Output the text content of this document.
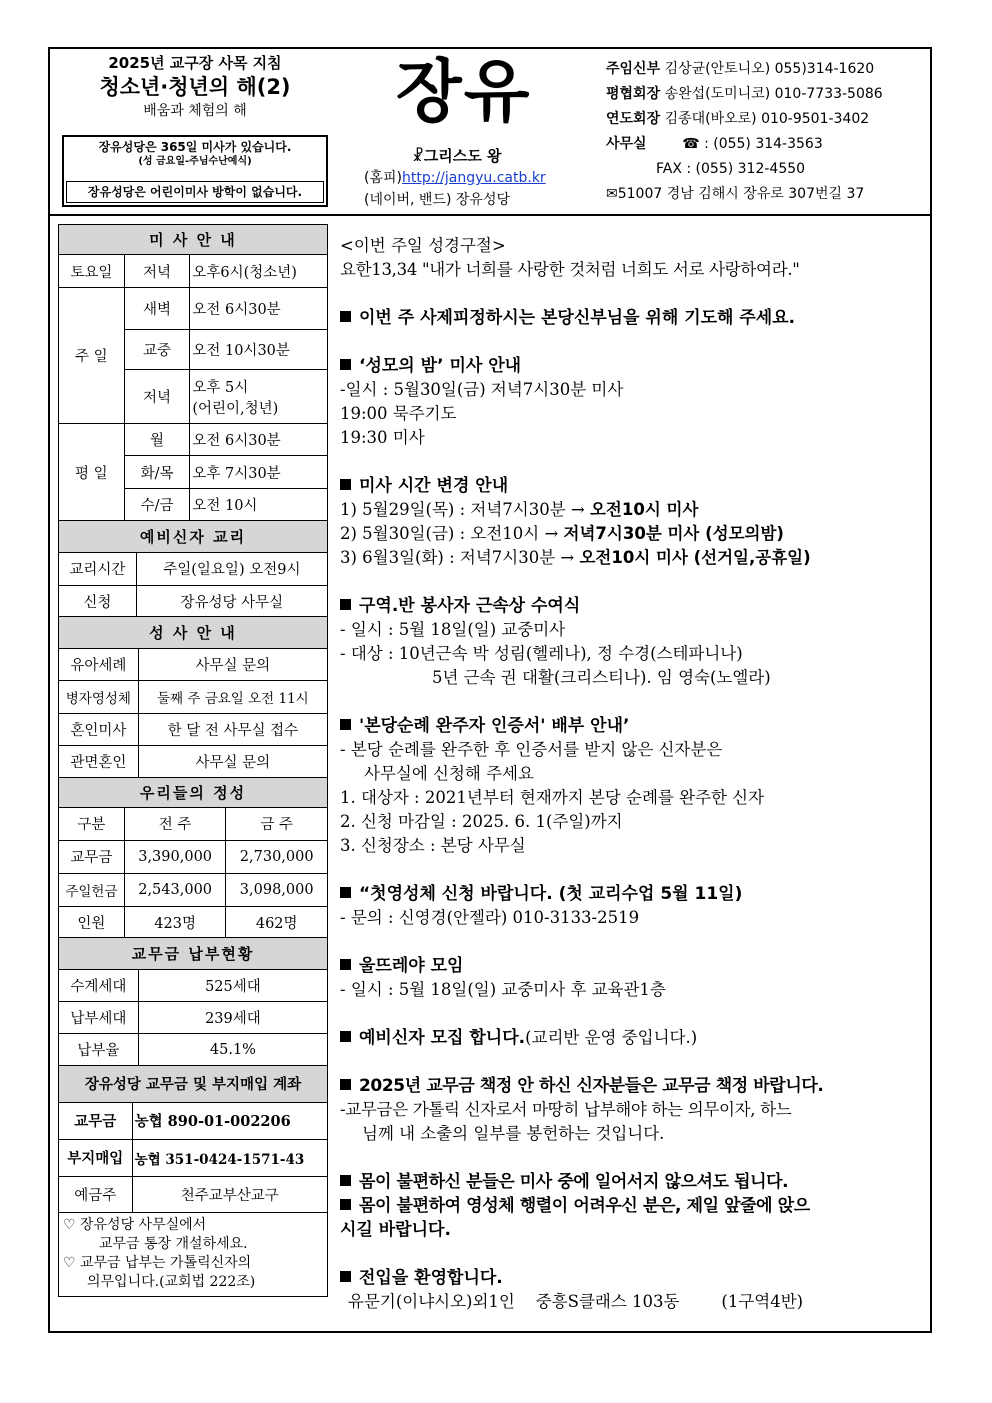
2025년 교구장 사목 지침
청소년·청년의 해(2)
배움과 체험의 해
장유성당은 365일 미사가 있습니다.
(성 금요일-주님수난예식)
장유성당은 어린이미사 방학이 없습니다.
장유
☧그리스도 왕
(홈피)http://jangyu.catb.kr
(네이버, 밴드) 장유성당
주임신부 김상균(안토니오) 055)314-1620
평협회장 송완섭(도미니코) 010-7733-5086
연도회장 김종대(바오로) 010-9501-3402
사무실	☎ : (055) 314-3563
FAX : (055) 312-4550
✉51007 경남 김해시 장유로 307번길 37
미 사 안 내		
토요일	저녁	오후6시(청소년)
주 일	새벽	오전 6시30분
	교중	오전 10시30분
	저녁	오후 5시
(어린이,청년)

평 일	월	오전 6시30분
	화/목	오후 7시30분
	수/금	오전 10시
예비신자 교리	
교리시간	주일(일요일) 오전9시
신청	장유성당 사무실
성 사 안 내	
유아세례	사무실 문의
병자영성체	둘째 주 금요일 오전 11시
혼인미사	한 달 전 사무실 접수
관면혼인	사무실 문의
우리들의 정성		
구분	전 주	금 주
교무금	3,390,000	2,730,000
주일헌금	2,543,000	3,098,000
인원	423명	462명
교무금 납부현황	
수계세대	525세대
납부세대	239세대
납부율	45.1%
장유성당 교무금 및 부지매입 계좌	
교무금	농협 890-01-002206
부지매입	농협 351-0424-1571-43
예금주	천주교부산교구
♡ 장유성당 사무실에서
교무금 통장 개설하세요.
♡ 교무금 납부는 가톨릭신자의
의무입니다.(교회법 222조)
<이번 주일 성경구절>
요한13,34 "내가 너희를 사랑한 것처럼 너희도 서로 사랑하여라."
이번 주 사제피정하시는 본당신부님을 위해 기도해 주세요.
‘성모의 밤’ 미사 안내
-일시 : 5월30일(금) 저녁7시30분 미사
19:00 묵주기도
19:30 미사
미사 시간 변경 안내
1) 5월29일(목) : 저녁7시30분 → 오전10시 미사
2) 5월30일(금) : 오전10시 → 저녁7시30분 미사 (성모의밤)
3) 6월3일(화) : 저녁7시30분 → 오전10시 미사 (선거일,공휴일)
구역.반 봉사자 근속상 수여식
- 일시 : 5월 18일(일) 교중미사
- 대상 : 10년근속 박 성림(헬레나), 정 수경(스테파니나)
5년 근속 권 대활(크리스티나). 임 영숙(노엘라)
'본당순례 완주자 인증서' 배부 안내’
- 본당 순례를 완주한 후 인증서를 받지 않은 신자분은
사무실에 신청해 주세요
1. 대상자 : 2021년부터 현재까지 본당 순례를 완주한 신자
2. 신청 마감일 : 2025. 6. 1(주일)까지
3. 신청장소 : 본당 사무실
“첫영성체 신청 바랍니다. (첫 교리수업 5월 11일)
- 문의 : 신영경(안젤라) 010-3133-2519
울뜨레야 모임
- 일시 : 5월 18일(일) 교중미사 후 교육관1층
예비신자 모집 합니다.(교리반 운영 중입니다.)
2025년 교무금 책정 안 하신 신자분들은 교무금 책정 바랍니다.
-교무금은 가톨릭 신자로서 마땅히 납부해야 하는 의무이자, 하느
님께 내 소출의 일부를 봉헌하는 것입니다.
몸이 불편하신 분들은 미사 중에 일어서지 않으셔도 됩니다.
몸이 불편하여 영성체 행렬이 어려우신 분은, 제일 앞줄에 앉으
시길 바랍니다.
전입을 환영합니다.
유문기(이냐시오)외1인    중흥S클래스 103동        (1구역4반)
